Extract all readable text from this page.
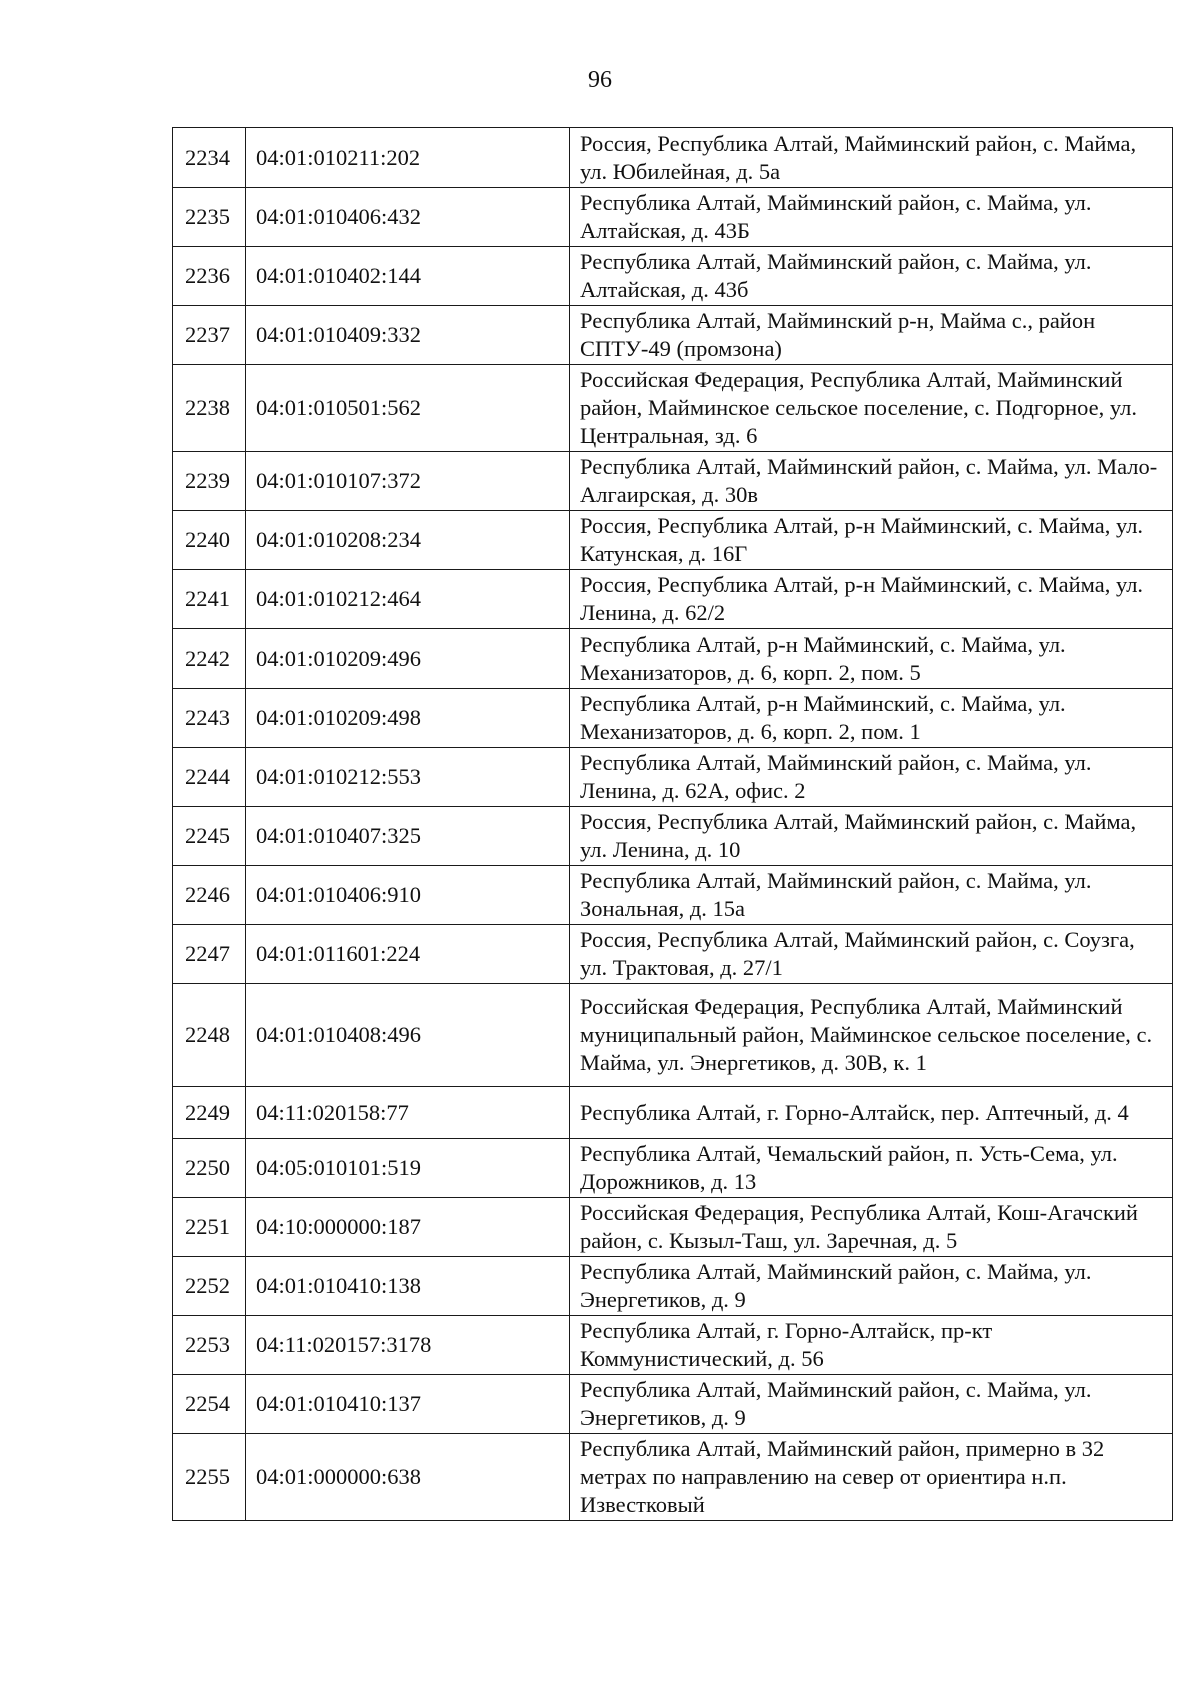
96
2234	04:01:010211:202	Россия, Республика Алтай, Майминский район, с. Майма, ул. Юбилейная, д. 5а
2235	04:01:010406:432	Республика Алтай, Майминский район, с. Майма, ул. Алтайская, д. 43Б
2236	04:01:010402:144	Республика Алтай, Майминский район, с. Майма, ул. Алтайская, д. 43б
2237	04:01:010409:332	Республика Алтай, Майминский р-н, Майма с., район СПТУ-49 (промзона)
2238	04:01:010501:562	Российская Федерация, Республика Алтай, Майминский район, Майминское сельское поселение, с. Подгорное, ул. Центральная, зд. 6
2239	04:01:010107:372	Республика Алтай, Майминский район, с. Майма, ул. Мало-Алгаирская, д. 30в
2240	04:01:010208:234	Россия, Республика Алтай, р-н Майминский, с. Майма, ул. Катунская, д. 16Г
2241	04:01:010212:464	Россия, Республика Алтай, р-н Майминский, с. Майма, ул. Ленина, д. 62/2
2242	04:01:010209:496	Республика Алтай, р-н Майминский, с. Майма, ул. Механизаторов, д. 6, корп. 2, пом. 5
2243	04:01:010209:498	Республика Алтай, р-н Майминский, с. Майма, ул. Механизаторов, д. 6, корп. 2, пом. 1
2244	04:01:010212:553	Республика Алтай, Майминский район, с. Майма, ул. Ленина, д. 62А, офис. 2
2245	04:01:010407:325	Россия, Республика Алтай, Майминский район, с. Майма, ул. Ленина, д. 10
2246	04:01:010406:910	Республика Алтай, Майминский район, с. Майма, ул. Зональная, д. 15а
2247	04:01:011601:224	Россия, Республика Алтай, Майминский район, с. Соузга, ул. Трактовая, д. 27/1
2248	04:01:010408:496	Российская Федерация, Республика Алтай, Майминский муниципальный район, Майминское сельское поселение, с. Майма, ул. Энергетиков, д. 30В, к. 1
2249	04:11:020158:77	Республика Алтай, г. Горно-Алтайск, пер. Аптечный, д. 4
2250	04:05:010101:519	Республика Алтай, Чемальский район, п. Усть-Сема, ул. Дорожников, д. 13
2251	04:10:000000:187	Российская Федерация, Республика Алтай, Кош-Агачский район, с. Кызыл-Таш, ул. Заречная, д. 5
2252	04:01:010410:138	Республика Алтай, Майминский район, с. Майма, ул. Энергетиков, д. 9
2253	04:11:020157:3178	Республика Алтай, г. Горно-Алтайск, пр-кт Коммунистический, д. 56
2254	04:01:010410:137	Республика Алтай, Майминский район, с. Майма, ул. Энергетиков, д. 9
2255	04:01:000000:638	Республика Алтай, Майминский район, примерно в 32 метрах по направлению на север от ориентира н.п. Известковый
